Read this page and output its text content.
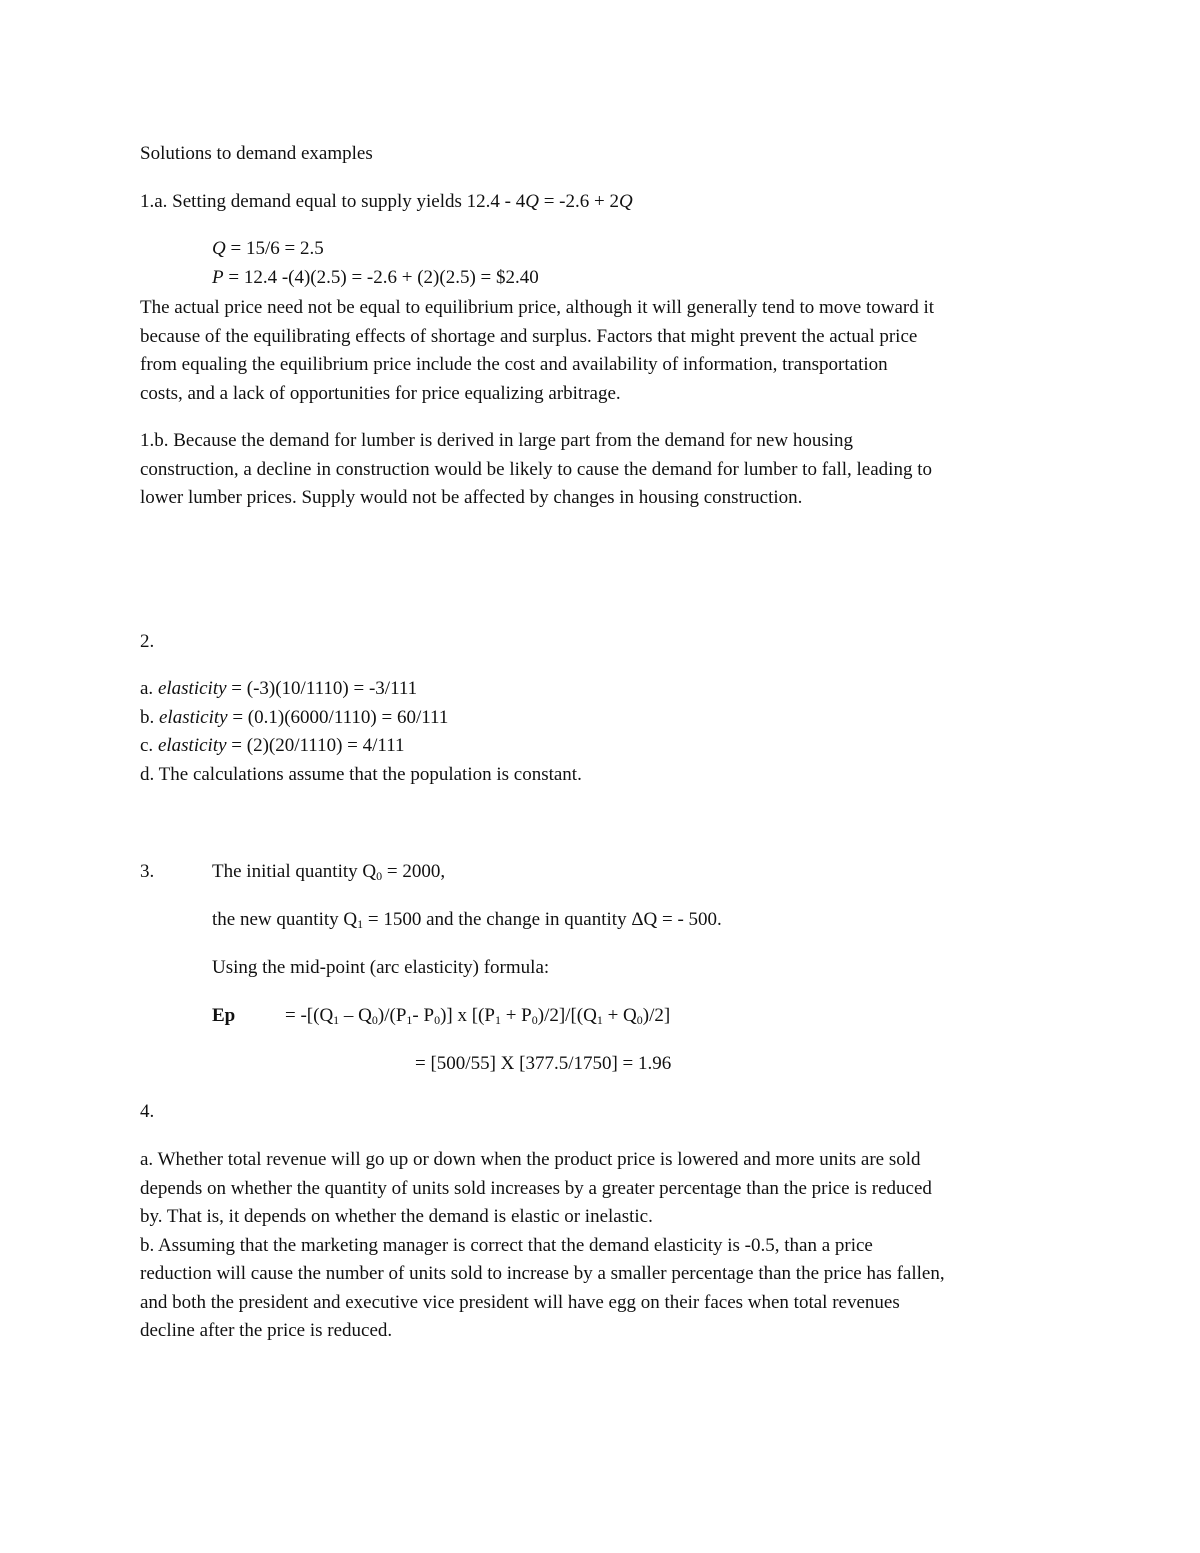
Solutions to demand examples
1.a. Setting demand equal to supply yields 12.4 - 4Q = -2.6 + 2Q
Q = 15/6 = 2.5
P = 12.4 -(4)(2.5) = -2.6 + (2)(2.5) = $2.40
The actual price need not be equal to equilibrium price, although it will generally tend to move toward it
because of the equilibrating effects of shortage and surplus. Factors that might prevent the actual price
from equaling the equilibrium price include the cost and availability of information, transportation
costs, and a lack of opportunities for price equalizing arbitrage.
1.b. Because the demand for lumber is derived in large part from the demand for new housing
construction, a decline in construction would be likely to cause the demand for lumber to fall, leading to
lower lumber prices. Supply would not be affected by changes in housing construction.
2.
a. elasticity = (-3)(10/1110) = -3/111
b. elasticity = (0.1)(6000/1110) = 60/111
c. elasticity = (2)(20/1110) = 4/111
d. The calculations assume that the population is constant.
3.	The initial quantity $Q_0 = 2000$,
the new quantity $Q_1 = 1500$ and the change in quantity ΔQ = - 500.
Using the mid-point (arc elasticity) formula:
Ep	= $-[(Q_1 - Q_0)/(P_1-$ $P_0$)] x $[(P_1 + P_0)/2]/[(Q_1 + Q_0)/2]$
= [500/55] X [377.5/1750] = 1.96
4.
a. Whether total revenue will go up or down when the product price is lowered and more units are sold
depends on whether the quantity of units sold increases by a greater percentage than the price is reduced
by. That is, it depends on whether the demand is elastic or inelastic.
b. Assuming that the marketing manager is correct that the demand elasticity is -0.5, than a price
reduction will cause the number of units sold to increase by a smaller percentage than the price has fallen,
and both the president and executive vice president will have egg on their faces when total revenues
decline after the price is reduced.
